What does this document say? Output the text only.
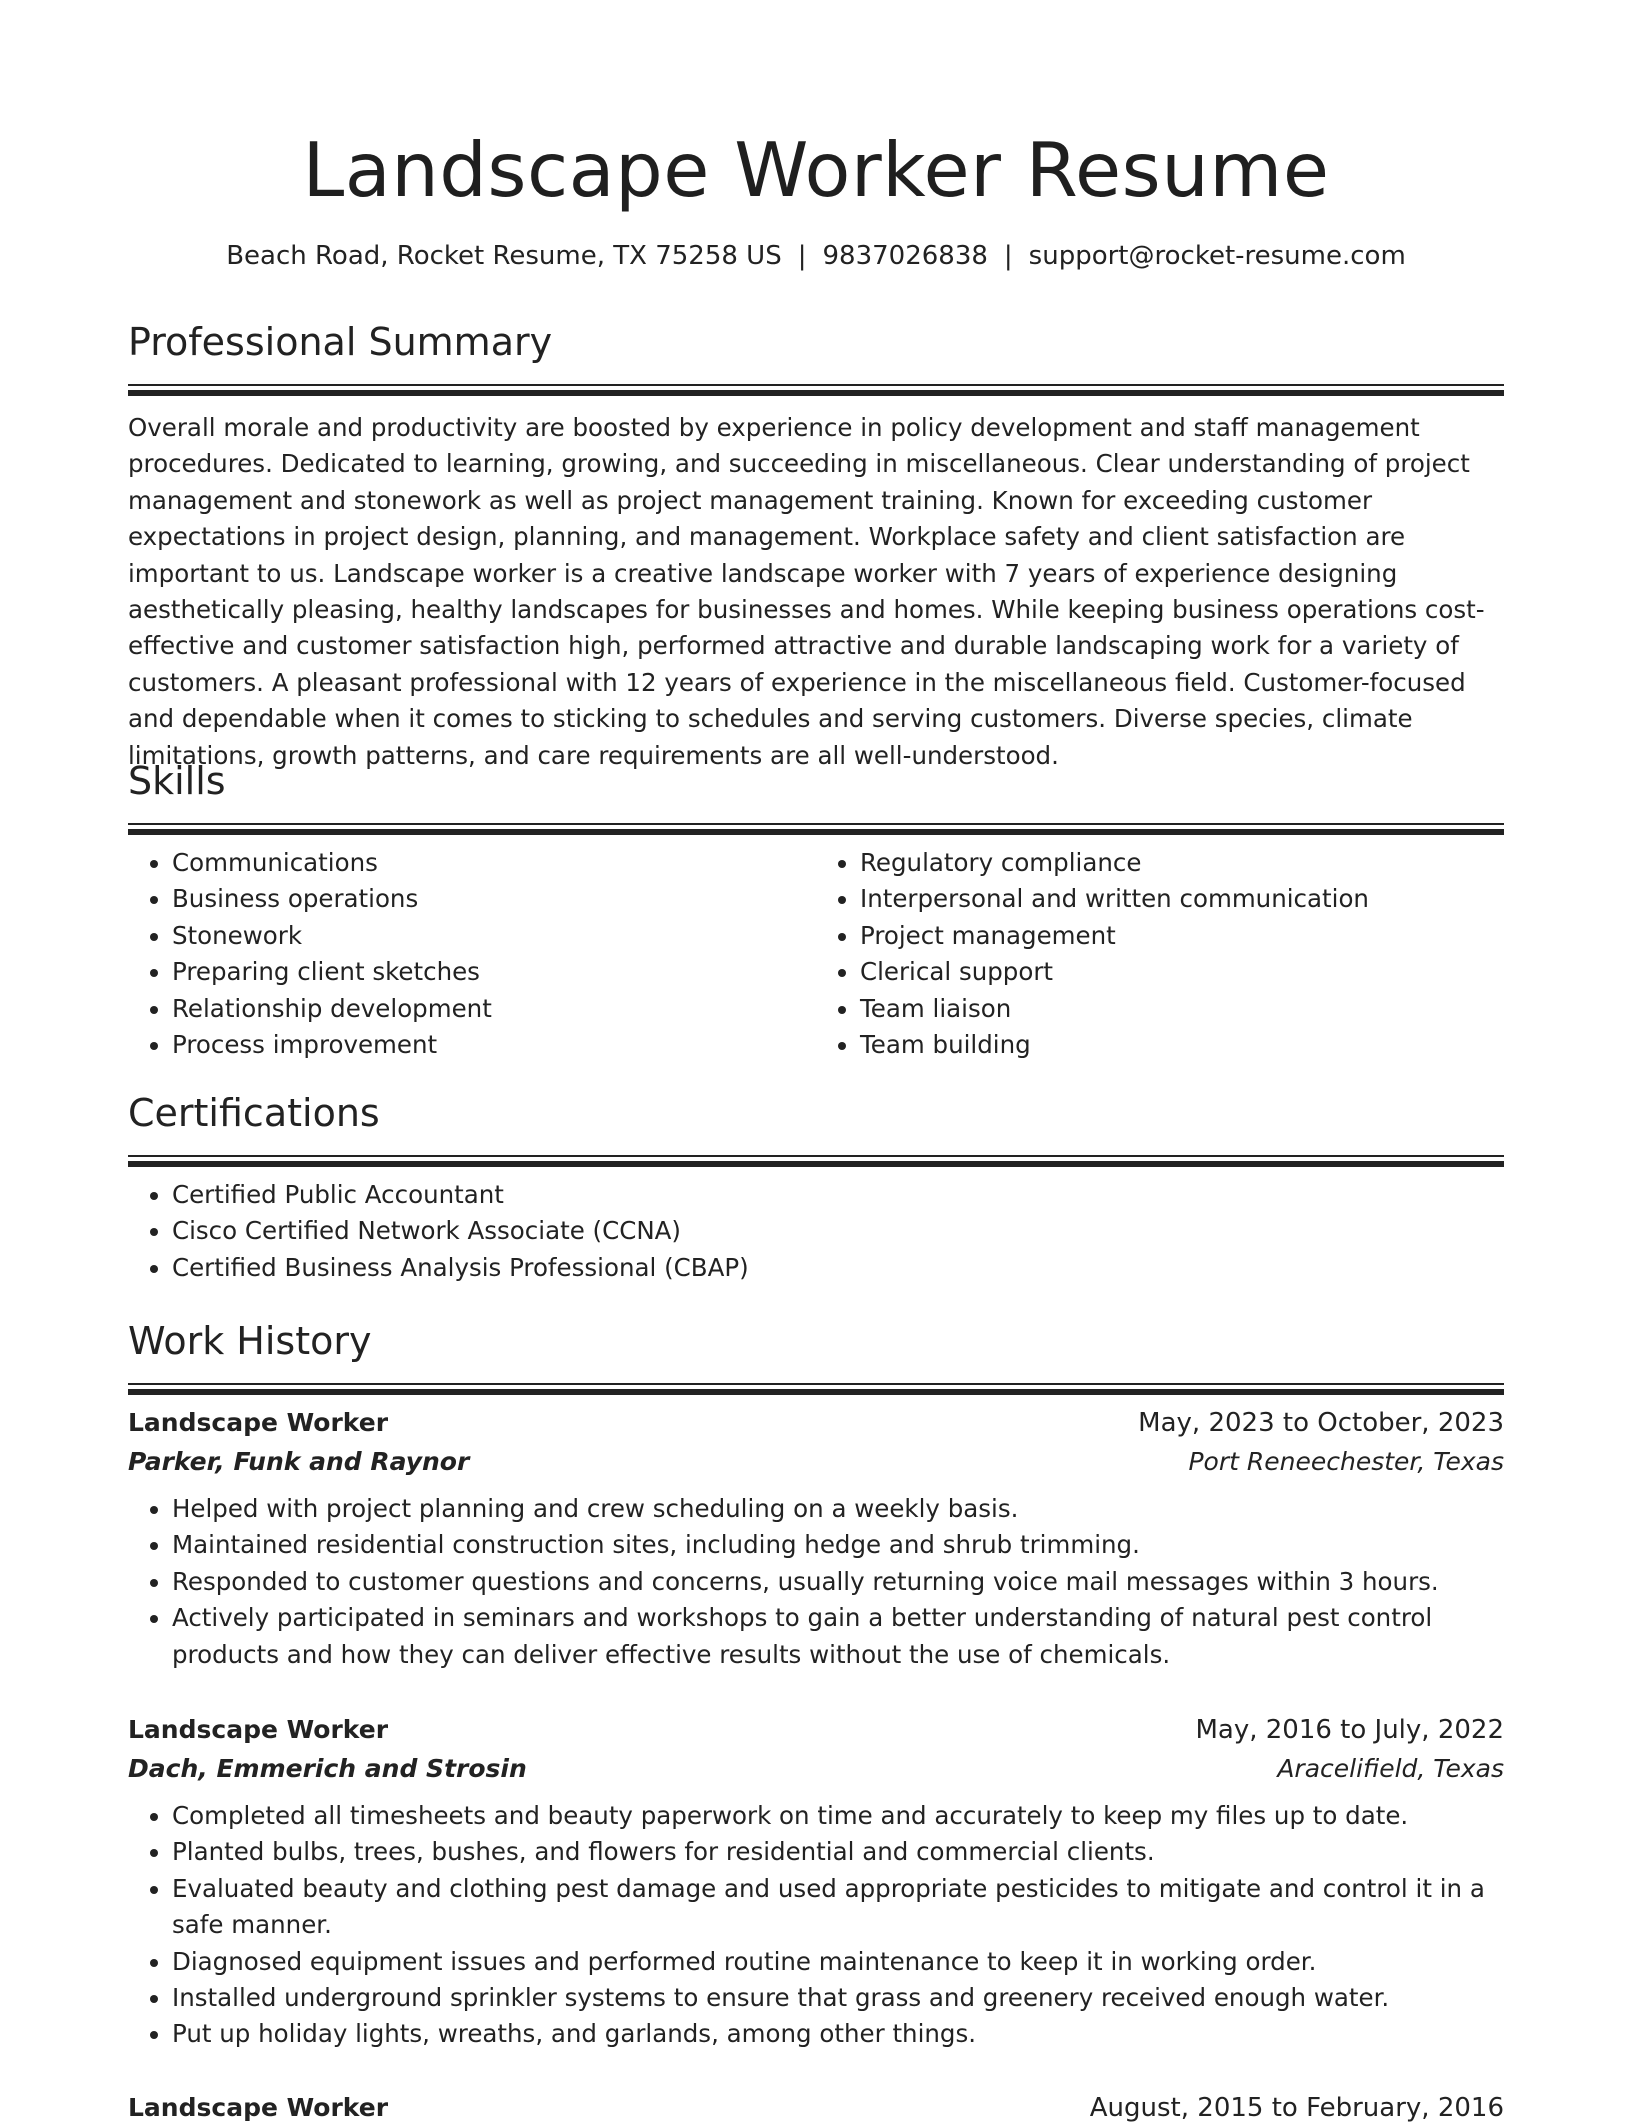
Landscape Worker Resume
Beach Road, Rocket Resume, TX 75258 US | 9837026838 | support@rocket-resume.com
Professional Summary

Overall morale and productivity are boosted by experience in policy development and staff management procedures. Dedicated to learning, growing, and succeeding in miscellaneous. Clear understanding of project management and stonework as well as project management training. Known for exceeding customer expectations in project design, planning, and management. Workplace safety and client satisfaction are important to us. Landscape worker is a creative landscape worker with 7 years of experience designing aesthetically pleasing, healthy landscapes for businesses and homes. While keeping business operations cost-effective and customer satisfaction high, performed attractive and durable landscaping work for a variety of customers. A pleasant professional with 12 years of experience in the miscellaneous field. Customer-focused and dependable when it comes to sticking to schedules and serving customers. Diverse species, climate limitations, growth patterns, and care requirements are all well-understood.

Skills
• Communications
• Business operations
• Stonework
• Preparing client sketches
• Relationship development
• Process improvement
• Regulatory compliance
• Interpersonal and written communication
• Project management
• Clerical support
• Team liaison
• Team building
Certifications
• Certified Public Accountant
• Cisco Certified Network Associate (CCNA)
• Certified Business Analysis Professional (CBAP)
Work History
Landscape Worker	May, 2023 to October, 2023
Parker, Funk and Raynor	Port Reneechester, Texas
• Helped with project planning and crew scheduling on a weekly basis.
• Maintained residential construction sites, including hedge and shrub trimming.
• Responded to customer questions and concerns, usually returning voice mail messages within 3 hours.
• Actively participated in seminars and workshops to gain a better understanding of natural pest control products and how they can deliver effective results without the use of chemicals.
Landscape Worker	May, 2016 to July, 2022
Dach, Emmerich and Strosin	Aracelifield, Texas
• Completed all timesheets and beauty paperwork on time and accurately to keep my files up to date.
• Planted bulbs, trees, bushes, and flowers for residential and commercial clients.
• Evaluated beauty and clothing pest damage and used appropriate pesticides to mitigate and control it in a safe manner.
• Diagnosed equipment issues and performed routine maintenance to keep it in working order.
• Installed underground sprinkler systems to ensure that grass and greenery received enough water.
• Put up holiday lights, wreaths, and garlands, among other things.
Landscape Worker	August, 2015 to February, 2016
